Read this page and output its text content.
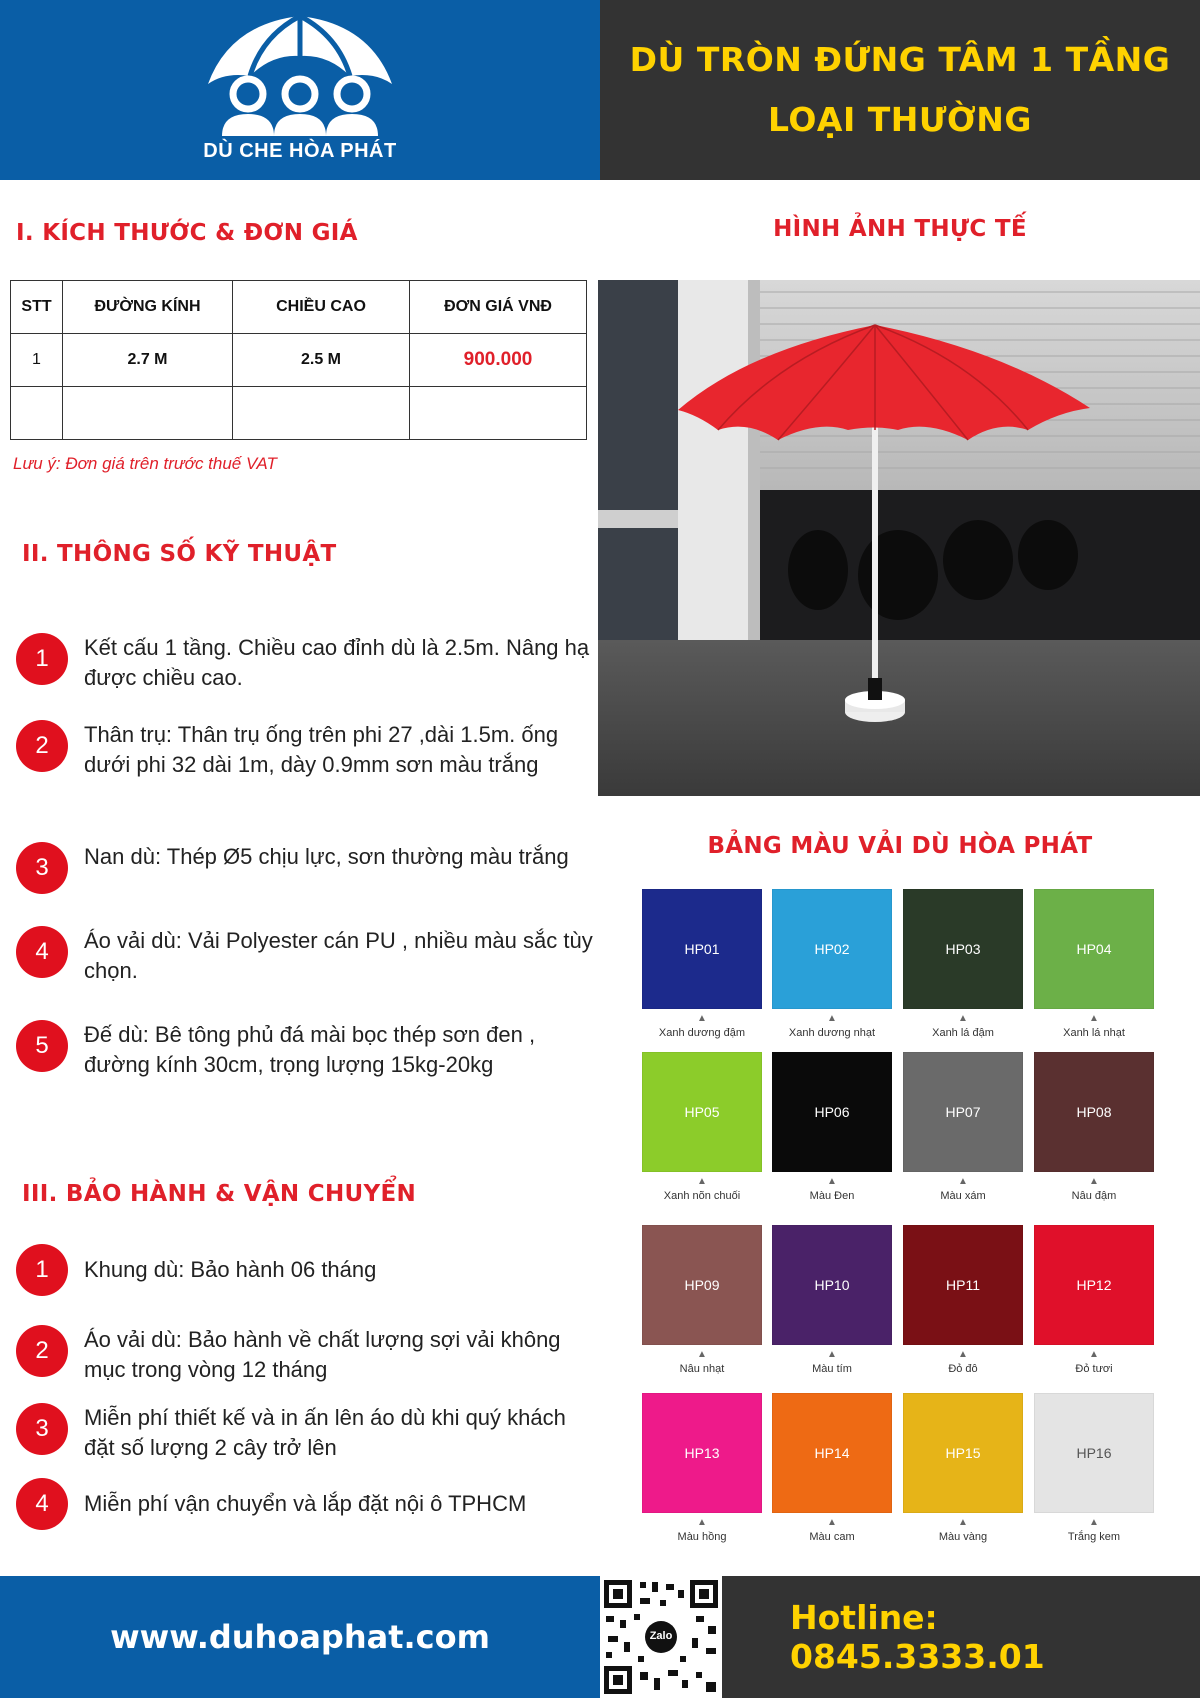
DÙ CHE HÒA PHÁT
DÙ TRÒN ĐỨNG TÂM 1 TẦNG
LOẠI THƯỜNG
I. KÍCH THƯỚC & ĐƠN GIÁ
STT	ĐƯỜNG KÍNH	CHIỀU CAO	ĐƠN GIÁ VNĐ
1	2.7 M	2.5 M	900.000

Lưu ý: Đơn giá trên trước thuế VAT
II. THÔNG SỐ KỸ THUẬT
1	Kết cấu 1 tầng. Chiều cao đỉnh dù là 2.5m. Nâng hạ được chiều cao.
2	Thân trụ: Thân trụ ống trên phi 27 ,dài 1.5m. ống dưới phi 32 dài 1m, dày 0.9mm sơn màu trắng
3	Nan dù: Thép Ø5 chịu lực, sơn thường màu trắng
4	Áo vải dù: Vải Polyester cán PU , nhiều màu sắc tùy chọn.
5	Đế dù: Bê tông phủ đá mài bọc thép sơn đen , đường kính 30cm, trọng lượng 15kg-20kg
III. BẢO HÀNH & VẬN CHUYỂN
1	Khung dù: Bảo hành 06 tháng
2	Áo vải dù: Bảo hành về chất lượng sợi vải không mục trong vòng 12 tháng
3	Miễn phí thiết kế và in ấn lên áo dù khi quý khách đặt số lượng 2 cây trở lên
4	Miễn phí vận chuyển và lắp đặt nội ô TPHCM
HÌNH ẢNH THỰC TẾ
BẢNG MÀU VẢI DÙ HÒA PHÁT
HP01
▲
Xanh dương đậm
HP02
▲
Xanh dương nhạt
HP03
▲
Xanh lá đậm
HP04
▲
Xanh lá nhạt
HP05
▲
Xanh nõn chuối
HP06
▲
Màu Đen
HP07
▲
Màu xám
HP08
▲
Nâu đậm
HP09
▲
Nâu nhạt
HP10
▲
Màu tím
HP11
▲
Đỏ đô
HP12
▲
Đỏ tươi
HP13
▲
Màu hồng
HP14
▲
Màu cam
HP15
▲
Màu vàng
HP16
▲
Trắng kem
www.duhoaphat.com	Zalo	Hotline: 0845.3333.01
